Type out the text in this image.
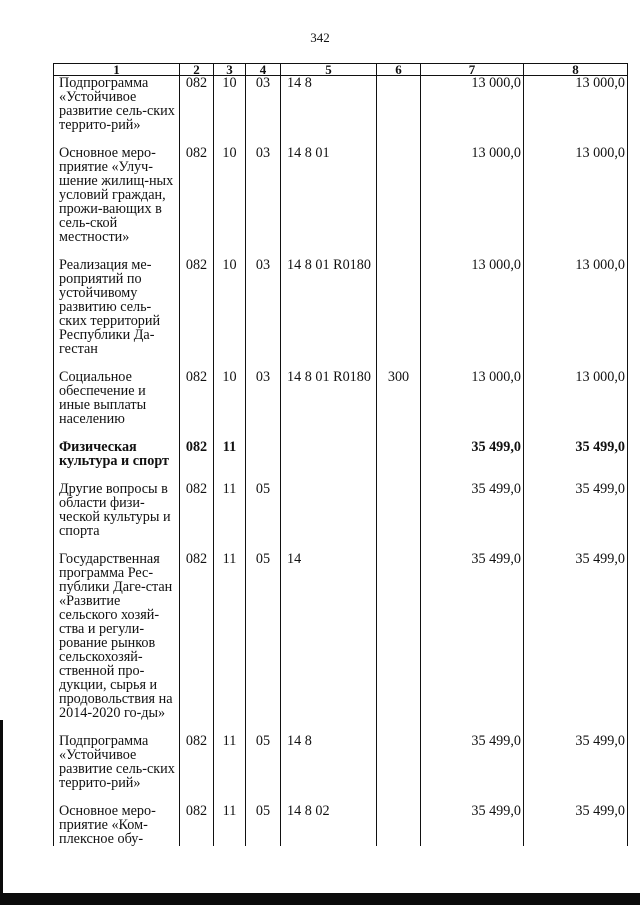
342
1	2	3	4	5	6	7	8
Подпрограмма «Устойчивое развитие сель-ских террито-рий»	082	10	03	14 8		13 000,0	13 000,0
Основное меро-приятие «Улуч-шение жилищ-ных условий граждан, прожи-вающих в сель-ской местности»	082	10	03	14 8 01		13 000,0	13 000,0
Реализация ме-роприятий по устойчивому развитию сель-ских территорий Республики Да-гестан	082	10	03	14 8 01 R0180		13 000,0	13 000,0
Социальное обеспечение и иные выплаты населению	082	10	03	14 8 01 R0180	300	13 000,0	13 000,0
Физическая культура и спорт	082	11				35 499,0	35 499,0
Другие вопросы в области физи-ческой культуры и спорта	082	11	05			35 499,0	35 499,0
Государственная программа Рес-публики Даге-стан «Развитие сельского хозяй-ства и регули-рование рынков сельскохозяй-ственной про-дукции, сырья и продовольствия на 2014-2020 го-ды»	082	11	05	14		35 499,0	35 499,0
Подпрограмма «Устойчивое развитие сель-ских террито-рий»	082	11	05	14 8		35 499,0	35 499,0
Основное меро-приятие «Ком-плексное обу-	082	11	05	14 8 02		35 499,0	35 499,0
